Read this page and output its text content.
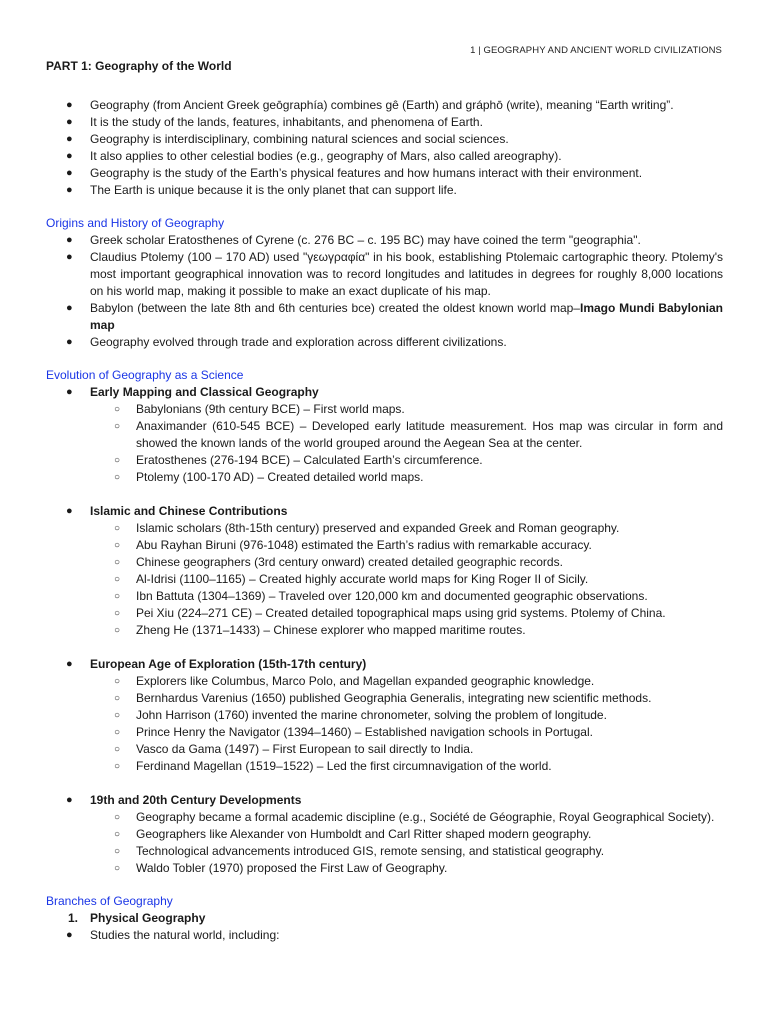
1 | GEOGRAPHY AND ANCIENT WORLD CIVILIZATIONS
PART 1: Geography of the World
● Geography (from Ancient Greek geōgraphía) combines gê (Earth) and gráphō (write), meaning “Earth writing”.
● It is the study of the lands, features, inhabitants, and phenomena of Earth.
● Geography is interdisciplinary, combining natural sciences and social sciences.
● It also applies to other celestial bodies (e.g., geography of Mars, also called areography).
● Geography is the study of the Earth’s physical features and how humans interact with their environment.
● The Earth is unique because it is the only planet that can support life.
Origins and History of Geography
● Greek scholar Eratosthenes of Cyrene (c. 276 BC – c. 195 BC) may have coined the term "geographia".
● Claudius Ptolemy (100 – 170 AD) used "γεωγραφία" in his book, establishing Ptolemaic cartographic theory. Ptolemy's most important geographical innovation was to record longitudes and latitudes in degrees for roughly 8,000 locations on his world map, making it possible to make an exact duplicate of his map.
● Babylon (between the late 8th and 6th centuries bce) created the oldest known world map–Imago Mundi Babylonian map
● Geography evolved through trade and exploration across different civilizations.
Evolution of Geography as a Science
● Early Mapping and Classical Geography
○ Babylonians (9th century BCE) – First world maps.
○ Anaximander (610-545 BCE) – Developed early latitude measurement. Hos map was circular in form and showed the known lands of the world grouped around the Aegean Sea at the center.
○ Eratosthenes (276-194 BCE) – Calculated Earth’s circumference.
○ Ptolemy (100-170 AD) – Created detailed world maps.
● Islamic and Chinese Contributions
○ Islamic scholars (8th-15th century) preserved and expanded Greek and Roman geography.
○ Abu Rayhan Biruni (976-1048) estimated the Earth’s radius with remarkable accuracy.
○ Chinese geographers (3rd century onward) created detailed geographic records.
○ Al-Idrisi (1100–1165) – Created highly accurate world maps for King Roger II of Sicily.
○ Ibn Battuta (1304–1369) – Traveled over 120,000 km and documented geographic observations.
○ Pei Xiu (224–271 CE) – Created detailed topographical maps using grid systems. Ptolemy of China.
○ Zheng He (1371–1433) – Chinese explorer who mapped maritime routes.
● European Age of Exploration (15th-17th century)
○ Explorers like Columbus, Marco Polo, and Magellan expanded geographic knowledge.
○ Bernhardus Varenius (1650) published Geographia Generalis, integrating new scientific methods.
○ John Harrison (1760) invented the marine chronometer, solving the problem of longitude.
○ Prince Henry the Navigator (1394–1460) – Established navigation schools in Portugal.
○ Vasco da Gama (1497) – First European to sail directly to India.
○ Ferdinand Magellan (1519–1522) – Led the first circumnavigation of the world.
● 19th and 20th Century Developments
○ Geography became a formal academic discipline (e.g., Société de Géographie, Royal Geographical Society).
○ Geographers like Alexander von Humboldt and Carl Ritter shaped modern geography.
○ Technological advancements introduced GIS, remote sensing, and statistical geography.
○ Waldo Tobler (1970) proposed the First Law of Geography.
Branches of Geography
1. Physical Geography
● Studies the natural world, including:
